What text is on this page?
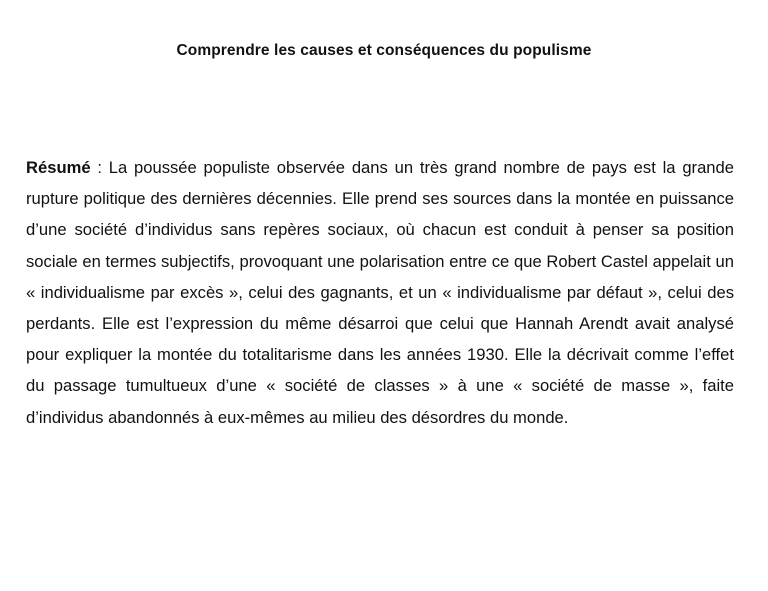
Comprendre les causes et conséquences du populisme

Résumé : La poussée populiste observée dans un très grand nombre de pays est la grande rupture politique des dernières décennies. Elle prend ses sources dans la montée en puissance d’une société d’individus sans repères sociaux, où chacun est conduit à penser sa position sociale en termes subjectifs, provoquant une polarisation entre ce que Robert Castel appelait un « individualisme par excès », celui des gagnants, et un « individualisme par défaut », celui des perdants. Elle est l’expression du même désarroi que celui que Hannah Arendt avait analysé pour expliquer la montée du totalitarisme dans les années 1930. Elle la décrivait comme l’effet du passage tumultueux d’une « société de classes » à une « société de masse », faite d’individus abandonnés à eux-mêmes au milieu des désordres du monde.
